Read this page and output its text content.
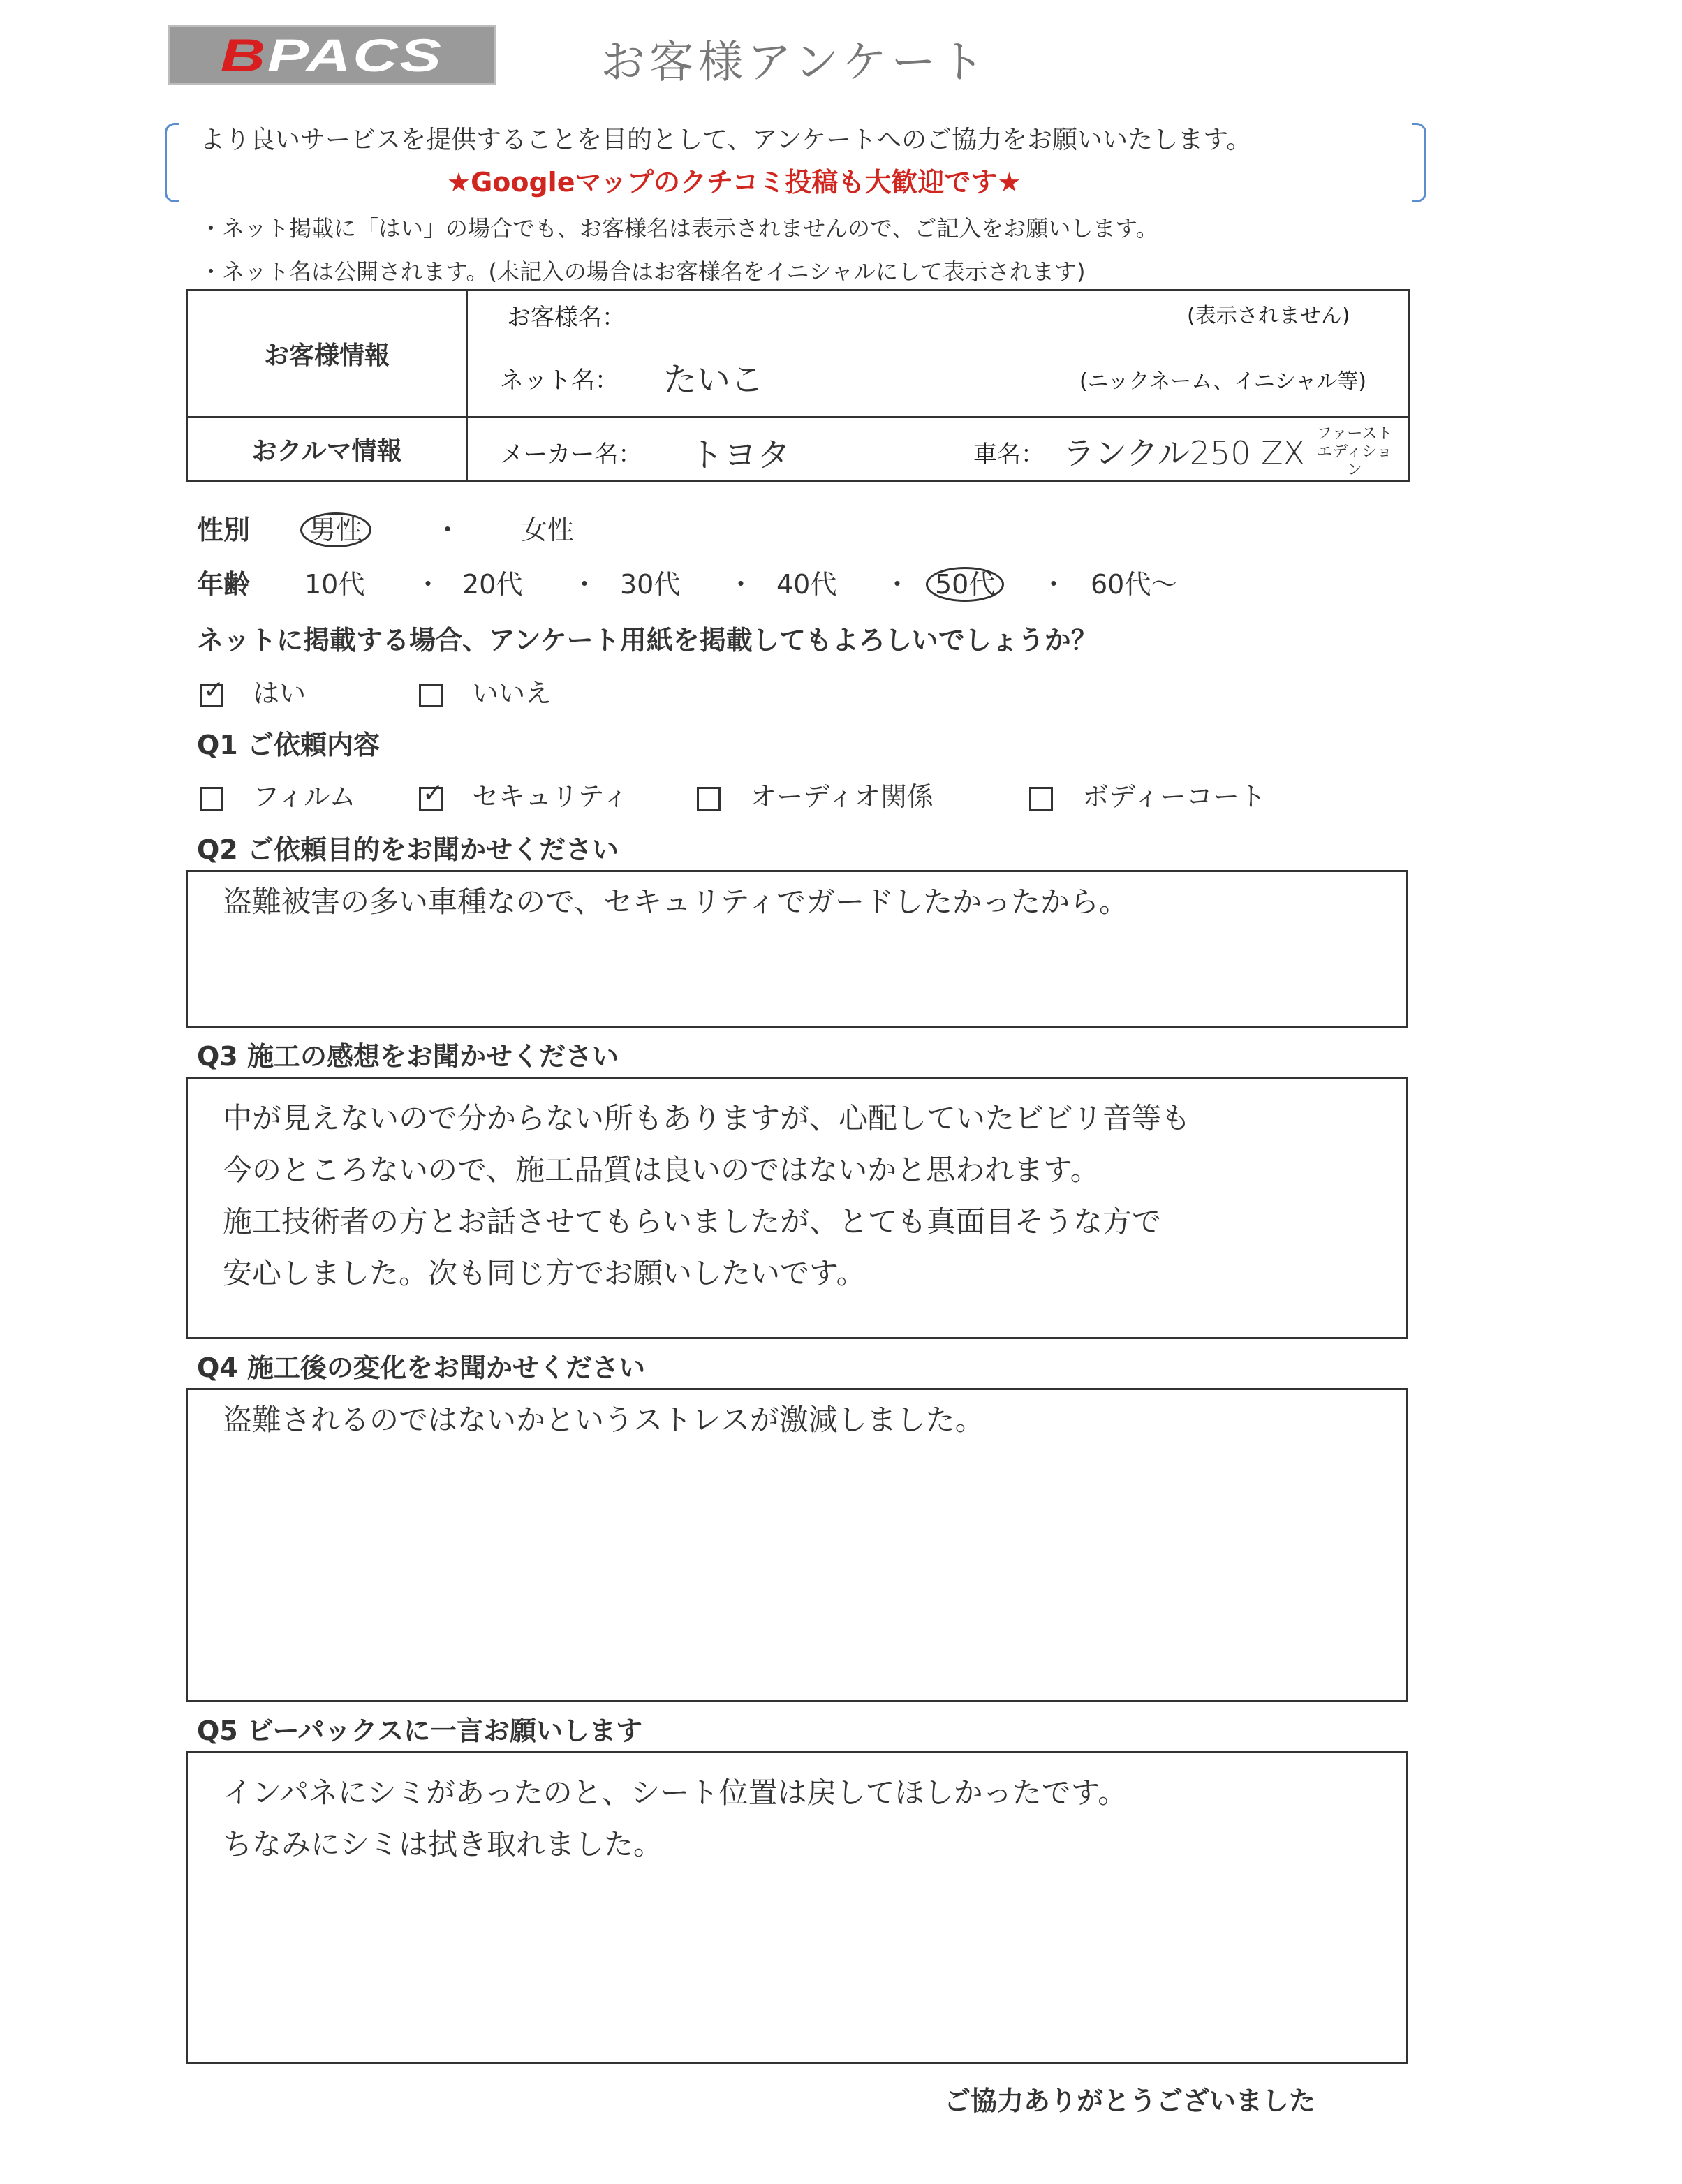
BPACS	お客様アンケート
より良いサービスを提供することを目的として、アンケートへのご協力をお願いいたします。
★Googleマップのクチコミ投稿も大歓迎です★
・ネット掲載に「はい」の場合でも、お客様名は表示されませんので、ご記入をお願いします。
・ネット名は公開されます。(未記入の場合はお客様名をイニシャルにして表示されます)
お客様情報	お客様名： (表示されません)
ネット名： たいこ (ニックネーム、イニシャル等)

おクルマ情報	メーカー名： トヨタ 車名： ランクル250 ZX
ファースト エディション
性別	男性	・ 女性
年齢 10代 ・ 20代 ・ 30代 ・ 40代 ・ 50代	・ 60代〜
ネットに掲載する場合、アンケート用紙を掲載してもよろしいでしょうか？
✓ はい	いいえ
Q1 ご依頼内容
フィルム ✓	セキュリティ	オーディオ関係	ボディーコート
Q2 ご依頼目的をお聞かせください
盗難被害の多い車種なので、セキュリティでガードしたかったから。
Q3 施工の感想をお聞かせください
中が見えないので分からない所もありますが、心配していたビビリ音等も
今のところないので、施工品質は良いのではないかと思われます。
施工技術者の方とお話させてもらいましたが、とても真面目そうな方で
安心しました。次も同じ方でお願いしたいです。
Q4 施工後の変化をお聞かせください
盗難されるのではないかというストレスが激減しました。
Q5 ビーパックスに一言お願いします
インパネにシミがあったのと、シート位置は戻してほしかったです。
ちなみにシミは拭き取れました。
ご協力ありがとうございました
